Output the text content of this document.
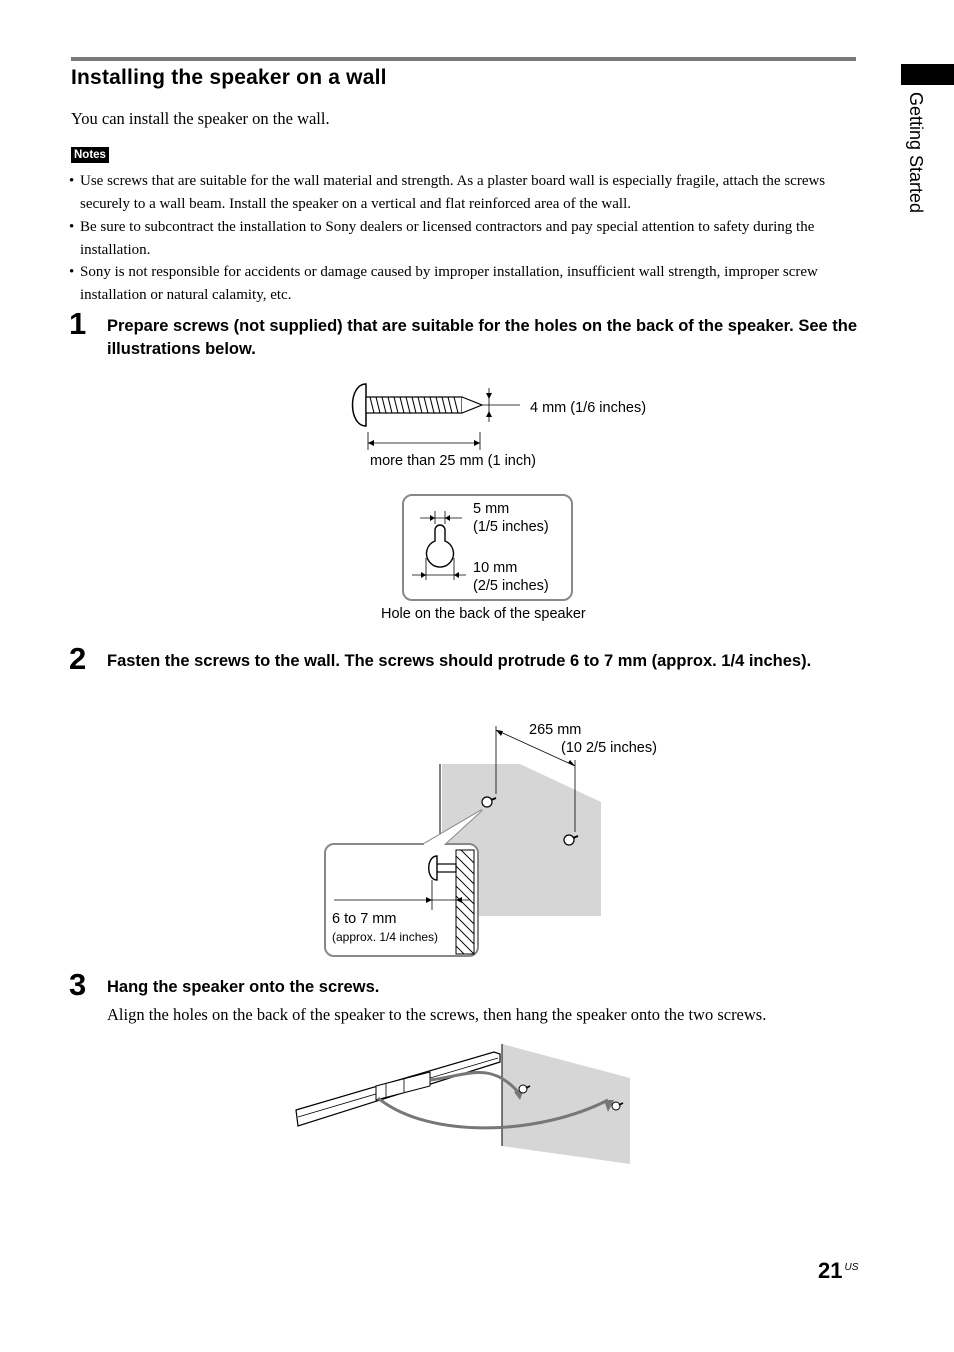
Getting Started
Installing the speaker on a wall
You can install the speaker on the wall.
Notes
• Use screws that are suitable for the wall material and strength. As a plaster board wall is especially fragile, attach the screws securely to a wall beam. Install the speaker on a vertical and flat reinforced area of the wall.
• Be sure to subcontract the installation to Sony dealers or licensed contractors and pay special attention to safety during the installation.
• Sony is not responsible for accidents or damage caused by improper installation, insufficient wall strength, improper screw installation or natural calamity, etc.
1 Prepare screws (not supplied) that are suitable for the holes on the back of the speaker. See the illustrations below.
4 mm (1/6 inches)
more than 25 mm (1 inch)
5 mm
(1/5 inches)
10 mm
(2/5 inches)
Hole on the back of the speaker
2 Fasten the screws to the wall. The screws should protrude 6 to 7 mm (approx. 1/4 inches).
265 mm
(10 2/5 inches)
6 to 7 mm
(approx. 1/4 inches)
3 Hang the speaker onto the screws.
Align the holes on the back of the speaker to the screws, then hang the speaker onto the two screws.
21 $^{US}$
